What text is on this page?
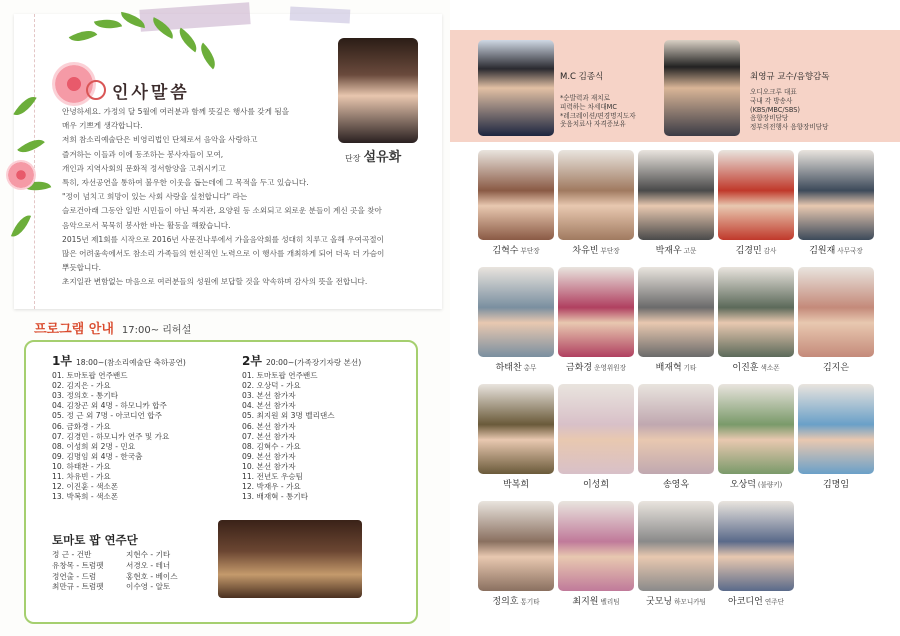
인사말씀

안녕하세요. 가정의 달 5월에 여러분과 함께 뜻깊은 행사를 갖게 됨을

매우 기쁘게 생각합니다.

저희 참소리예술단은 비영리법인 단체로서 음악을 사랑하고

즐겨하는 이들과 이에 동조하는 봉사자들이 모여,

개인과 지역사회의 문화적 정서함양을 고취시키고

특히, 자선공연을 통하여 불우한 이웃을 돕는데에 그 목적을 두고 있습니다.

"정이 넘치고 희망이 있는 사회 사랑을 실천합니다" 라는

슬로건아래 그동안 일반 시민들이 아닌 복지관, 요양원 등 소외되고 외로운 분들이 계신 곳을 찾아

음악으로서 묵묵히 봉사한 바는 활동을 해왔습니다.

2015년 제1회를 시작으로 2016년 사문진나루에서 가을음악회를 성대히 치루고 올해 우여곡절이

많은 어려움속에서도 참소리 가족들의 헌신적인 노력으로 이 행사를 개최하게 되어 더욱 더 가슴이

뿌듯합니다.

초지일관 변함없는 마음으로 여러분들의 성원에 보답할 것을 약속하며 감사의 뜻을 전합니다.

단장 설유화
프로그램 안내 17:00~ 리허설
1부 18:00~(참소리예술단 축하공연)
01. 토마토팝 연주밴드
02. 김지은 - 가요
03. 정의호 - 통기타
04. 김창곤 외 4명 - 하모니카 합주
05. 정 근 외 7명 - 아코디언 합주
06. 금화경 - 가요
07. 김경민 - 하모니카 연주 및 가요
08. 이성희 외 2명 - 민요
09. 김명임 외 4명 - 한국춤
10. 하태찬 - 가요
11. 차유빈 - 가요
12. 이진훈 - 색소폰
13. 박복희 - 색소폰
2부 20:00~(가족장기자랑 본선)
01. 토마토팝 연주밴드
02. 오상덕 - 가요
03. 본선 참가자
04. 본선 참가자
05. 최지원 외 3명 벨리댄스
06. 본선 참가자
07. 본선 참가자
08. 김혁수 - 가요
09. 본선 참가자
10. 본선 참가자
11. 전년도 우승팀
12. 박재우 - 가요
13. 배재혁 - 통기타
토마토 팝 연주단
정 근 - 건반	지현수 - 기타
유창목 - 트럼펫	서경오 - 테너
정연출 - 드럼	홍현호 - 베이스
최만규 - 트럼펫	이수영 - 알토
M.C 김종식
*순발력과 재치로
피력하는 차세대MC
*레크레이션/편경명지도자
웃음치료사 자격증보유
최영규 교수/음향감독
오디오크루 대표
국내 각 방송사
(KBS/MBC/SBS)
음향장비담당
정부의전행사 음향장비담당
김혁수 부단장	차유빈 부단장	박재우 고문	김경민 감사	김원재 사무국장
하태찬 총무	금화경 운영위원장	배재혁 기타	이진훈 색소폰	김지은
박복희	이성희	송영옥	오상덕 (불량키)	김명임
정의호 통기타	최지원 벨리팀	굿모닝 하모니카팀	아코디언 연주단
